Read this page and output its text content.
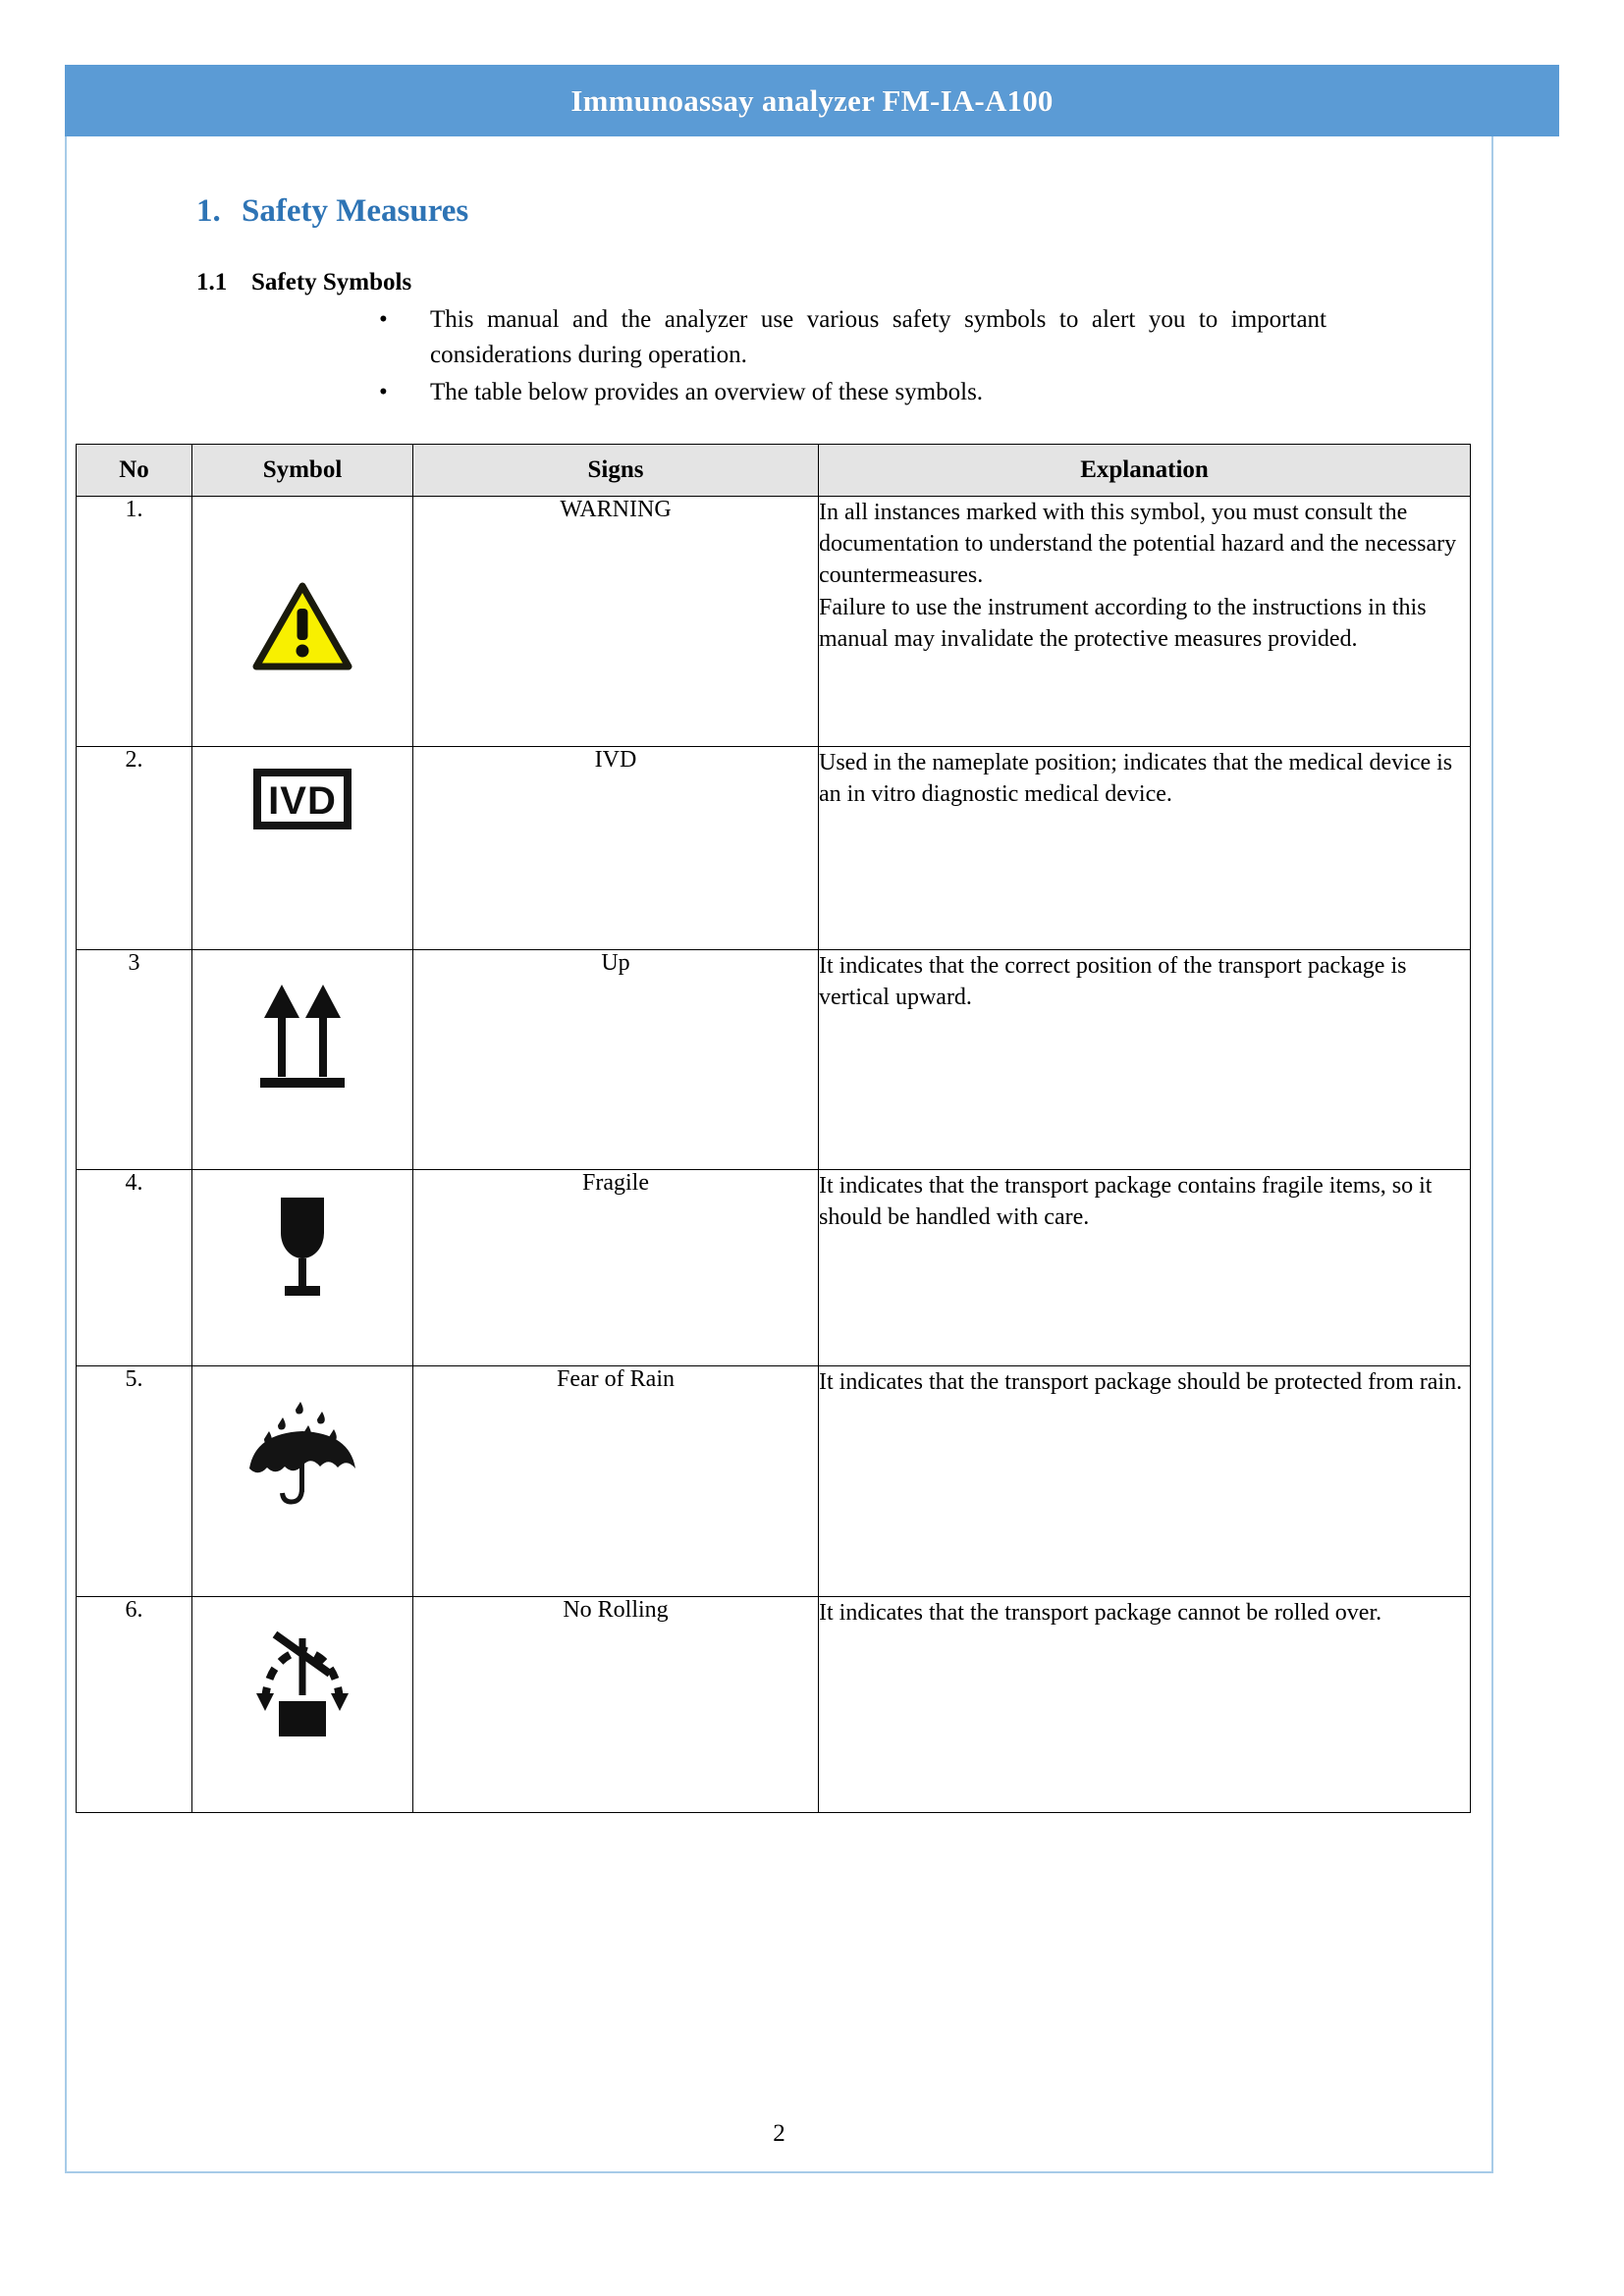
Immunoassay analyzer FM-IA-A100
1. Safety Measures
1.1 Safety Symbols
• This manual and the analyzer use various safety symbols to alert you to important considerations during operation.
• The table below provides an overview of these symbols.
No	Symbol	Signs	Explanation
1.		WARNING	In all instances marked with this symbol, you must consult the documentation to understand the potential hazard and the necessary countermeasures.

Failure to use the instrument according to the instructions in this manual may invalidate the protective measures provided.

2.	IVD	IVD	Used in the nameplate position; indicates that the medical device is

an in vitro diagnostic medical device.

3		Up	It indicates that the correct position of the transport package is vertical upward.

4.		Fragile	It indicates that the transport package contains fragile items, so it should be handled with care.

5.		Fear of Rain	It indicates that the transport package should be protected from rain.

6.		No Rolling	It indicates that the transport package cannot be rolled over.

2
